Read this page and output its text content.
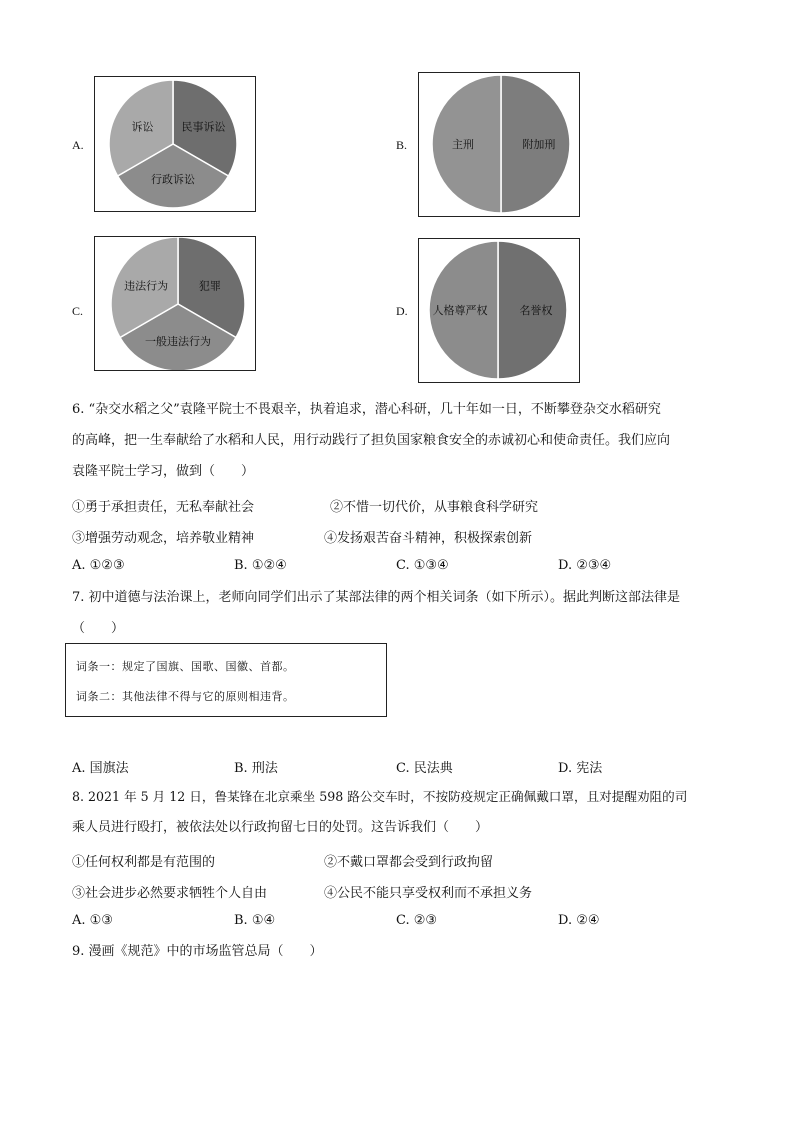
A.
民事诉讼
行政诉讼
诉讼
B.	附加刑
主刑
C.
犯罪
一般违法行为
违法行为
D.	名誉权
人格尊严权
6. “杂交水稻之父”袁隆平院士不畏艰辛，执着追求，潜心科研，几十年如一日，不断攀登杂交水稻研究
的高峰，把一生奉献给了水稻和人民，用行动践行了担负国家粮食安全的赤诚初心和使命责任。我们应向
袁隆平院士学习，做到（　　）
①勇于承担责任，无私奉献社会	②不惜一切代价，从事粮食科学研究
③增强劳动观念，培养敬业精神	④发扬艰苦奋斗精神，积极探索创新
A. ①②③	B. ①②④	C. ①③④	D. ②③④
7. 初中道德与法治课上，老师向同学们出示了某部法律的两个相关词条（如下所示）。据此判断这部法律是
（　　）
词条一：规定了国旗、国歌、国徽、首都。
词条二：其他法律不得与它的原则相违背。
A. 国旗法	B. 刑法	C. 民法典	D. 宪法
8. 2021 年 5 月 12 日，鲁某锋在北京乘坐 598 路公交车时，不按防疫规定正确佩戴口罩，且对提醒劝阻的司
乘人员进行殴打，被依法处以行政拘留七日的处罚。这告诉我们（　　）
①任何权利都是有范围的	②不戴口罩都会受到行政拘留
③社会进步必然要求牺牲个人自由	④公民不能只享受权利而不承担义务
A. ①③	B. ①④	C. ②③	D. ②④
9. 漫画《规范》中的市场监管总局（　　）
